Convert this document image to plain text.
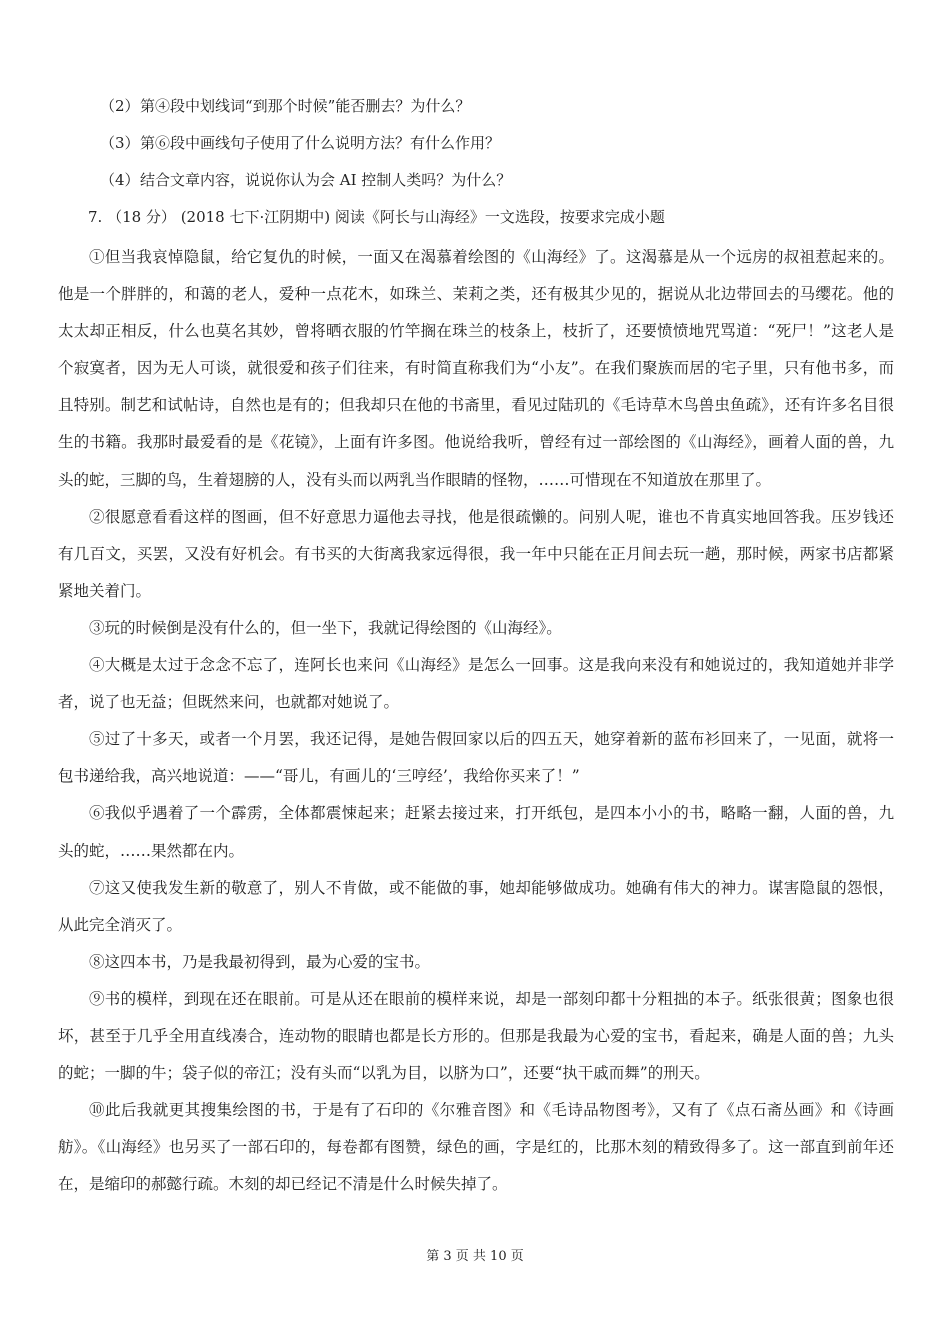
（2）第④段中划线词“到那个时候”能否删去？为什么？
（3）第⑥段中画线句子使用了什么说明方法？有什么作用？
（4）结合文章内容，说说你认为会 AI 控制人类吗？为什么？
7. （18 分） (2018 七下·江阴期中) 阅读《阿长与山海经》一文选段，按要求完成小题

①但当我哀悼隐鼠，给它复仇的时候，一面又在渴慕着绘图的《山海经》了。这渴慕是从一个远房的叔祖惹起来的。他是一个胖胖的，和蔼的老人，爱种一点花木，如珠兰、茉莉之类，还有极其少见的，据说从北边带回去的马缨花。他的太太却正相反，什么也莫名其妙，曾将晒衣服的竹竿搁在珠兰的枝条上，枝折了，还要愤愤地咒骂道：“死尸！”这老人是个寂寞者，因为无人可谈，就很爱和孩子们往来，有时简直称我们为“小友”。在我们聚族而居的宅子里，只有他书多，而且特别。制艺和试帖诗，自然也是有的；但我却只在他的书斋里，看见过陆玑的《毛诗草木鸟兽虫鱼疏》，还有许多名目很生的书籍。我那时最爱看的是《花镜》，上面有许多图。他说给我听，曾经有过一部绘图的《山海经》，画着人面的兽，九头的蛇，三脚的鸟，生着翅膀的人，没有头而以两乳当作眼睛的怪物，……可惜现在不知道放在那里了。

②很愿意看看这样的图画，但不好意思力逼他去寻找，他是很疏懒的。问别人呢，谁也不肯真实地回答我。压岁钱还有几百文，买罢，又没有好机会。有书买的大街离我家远得很，我一年中只能在正月间去玩一趟，那时候，两家书店都紧紧地关着门。

③玩的时候倒是没有什么的，但一坐下，我就记得绘图的《山海经》。

④大概是太过于念念不忘了，连阿长也来问《山海经》是怎么一回事。这是我向来没有和她说过的，我知道她并非学者，说了也无益；但既然来问，也就都对她说了。

⑤过了十多天，或者一个月罢，我还记得，是她告假回家以后的四五天，她穿着新的蓝布衫回来了，一见面，就将一包书递给我，高兴地说道：——“哥儿，有画儿的‘三哼经’，我给你买来了！”

⑥我似乎遇着了一个霹雳，全体都震悚起来；赶紧去接过来，打开纸包，是四本小小的书，略略一翻，人面的兽，九头的蛇，……果然都在内。

⑦这又使我发生新的敬意了，别人不肯做，或不能做的事，她却能够做成功。她确有伟大的神力。谋害隐鼠的怨恨，从此完全消灭了。

⑧这四本书，乃是我最初得到，最为心爱的宝书。

⑨书的模样，到现在还在眼前。可是从还在眼前的模样来说，却是一部刻印都十分粗拙的本子。纸张很黄；图象也很坏，甚至于几乎全用直线凑合，连动物的眼睛也都是长方形的。但那是我最为心爱的宝书，看起来，确是人面的兽；九头的蛇；一脚的牛；袋子似的帝江；没有头而“以乳为目，以脐为口”，还要“执干戚而舞”的刑天。

⑩此后我就更其搜集绘图的书，于是有了石印的《尔雅音图》和《毛诗品物图考》，又有了《点石斋丛画》和《诗画舫》。《山海经》也另买了一部石印的，每卷都有图赞，绿色的画，字是红的，比那木刻的精致得多了。这一部直到前年还在，是缩印的郝懿行疏。木刻的却已经记不清是什么时候失掉了。

第 3 页 共 10 页
